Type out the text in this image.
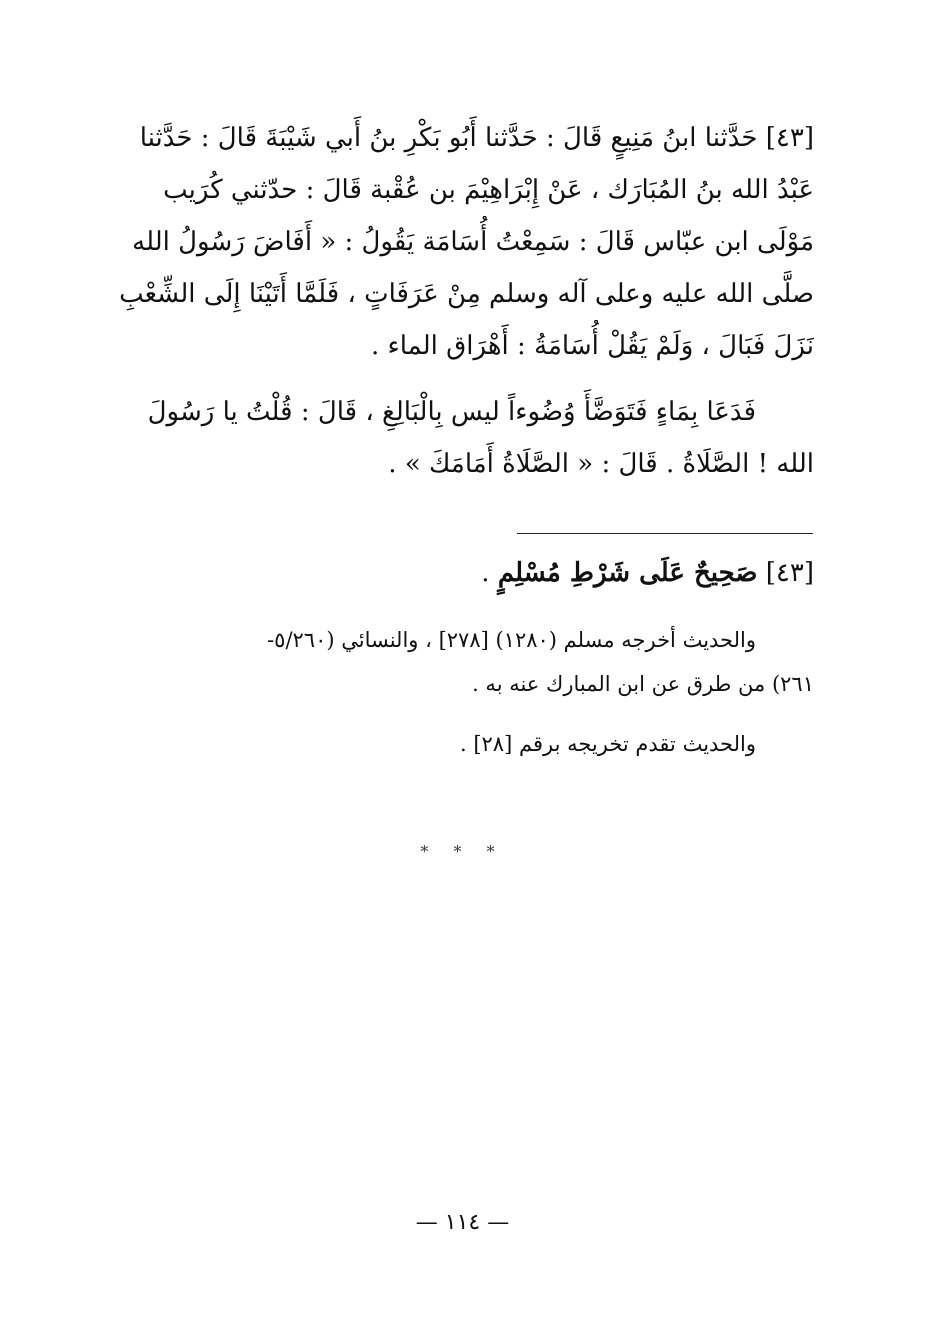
[٤٣] حَدَّثنا ابنُ مَنِيعٍ قَالَ : حَدَّثنا أَبُو بَكْرِ بنُ أَبي شَيْبَةَ قَالَ : حَدَّثنا
عَبْدُ الله بنُ المُبَارَك ، عَنْ إِبْرَاهِيْمَ بن عُقْبة قَالَ : حدّثني كُرَيب
مَوْلَى ابن عبّاس قَالَ : سَمِعْتُ أُسَامَة يَقُولُ : « أَفَاضَ رَسُولُ الله
صلَّى الله عليه وعلى آله وسلم مِنْ عَرَفَاتٍ ، فَلَمَّا أَتَيْنَا إِلَى الشِّعْبِ
نَزَلَ فَبَالَ ، وَلَمْ يَقُلْ أُسَامَةُ : أَهْرَاق الماء .
فَدَعَا بِمَاءٍ فَتَوَضَّأَ وُضُوءاً ليس بِالْبَالِغِ ، قَالَ : قُلْتُ يا رَسُولَ
الله ! الصَّلَاةُ . قَالَ : « الصَّلَاةُ أَمَامَكَ » .
[٤٣] صَحِيحٌ عَلَى شَرْطِ مُسْلِمٍ .
والحديث أخرجه مسلم (١٢٨٠) [٢٧٨] ، والنسائي (٥/٢٦٠-
٢٦١) من طرق عن ابن المبارك عنه به .
والحديث تقدم تخريجه برقم [٢٨] .
* * *
— ١١٤ —
